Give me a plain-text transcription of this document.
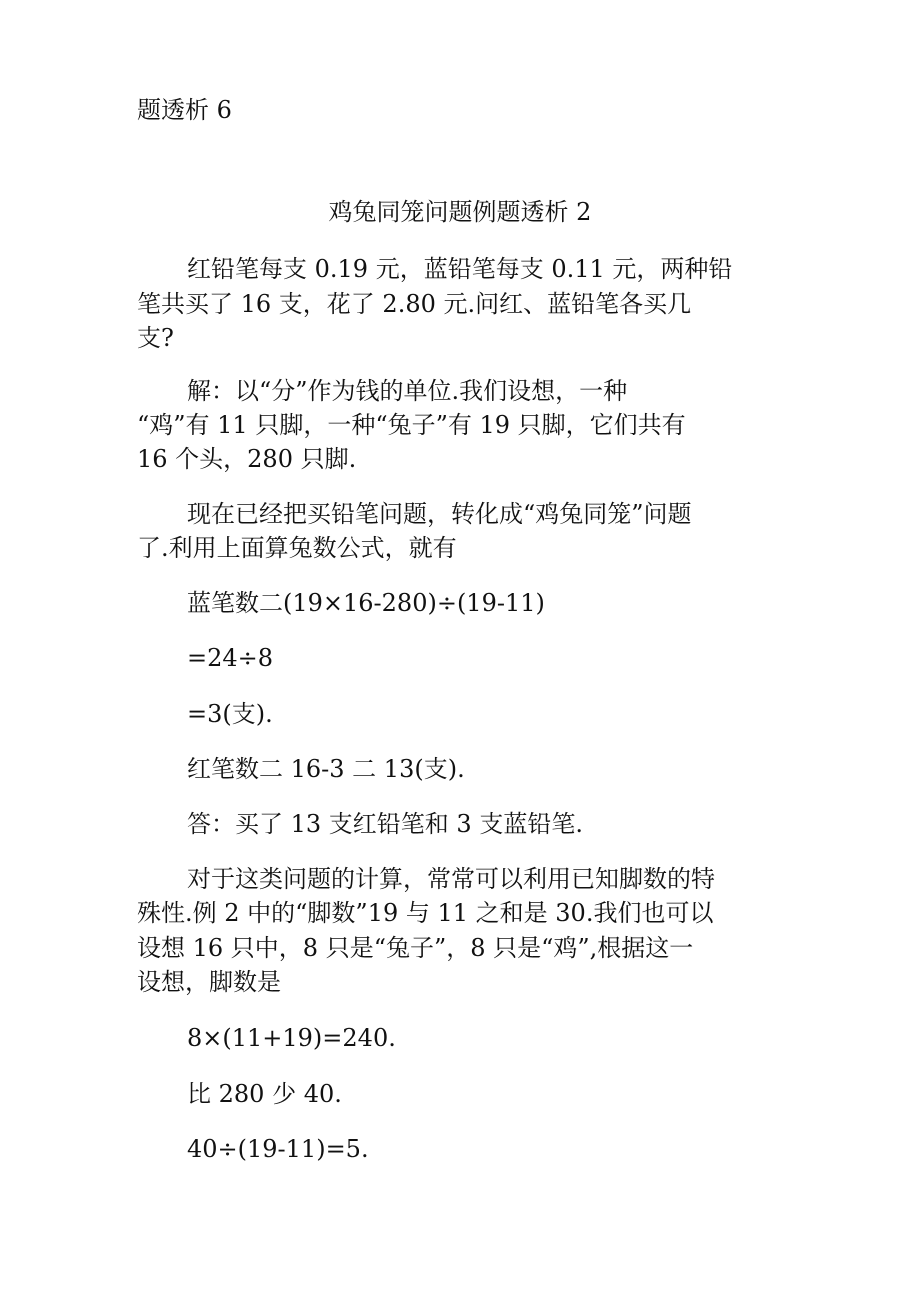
题透析 6
鸡兔同笼问题例题透析 2
红铅笔每支 0.19 元，蓝铅笔每支 0.11 元，两种铅
笔共买了 16 支，花了 2.80 元.问红、蓝铅笔各买几
支?
解：以“分”作为钱的单位.我们设想，一种
“鸡”有 11 只脚，一种“兔子”有 19 只脚，它们共有
16 个头，280 只脚.
现在已经把买铅笔问题，转化成“鸡兔同笼”问题
了.利用上面算兔数公式，就有
蓝笔数二(19×16-280)÷(19-11)
=24÷8
=3(支).
红笔数二 16-3 二 13(支).
答：买了 13 支红铅笔和 3 支蓝铅笔.
对于这类问题的计算，常常可以利用已知脚数的特
殊性.例 2 中的“脚数”19 与 11 之和是 30.我们也可以
设想 16 只中，8 只是“兔子”，8 只是“鸡”,根据这一
设想，脚数是
8×(11+19)=240.
比 280 少 40.
40÷(19-11)=5.
